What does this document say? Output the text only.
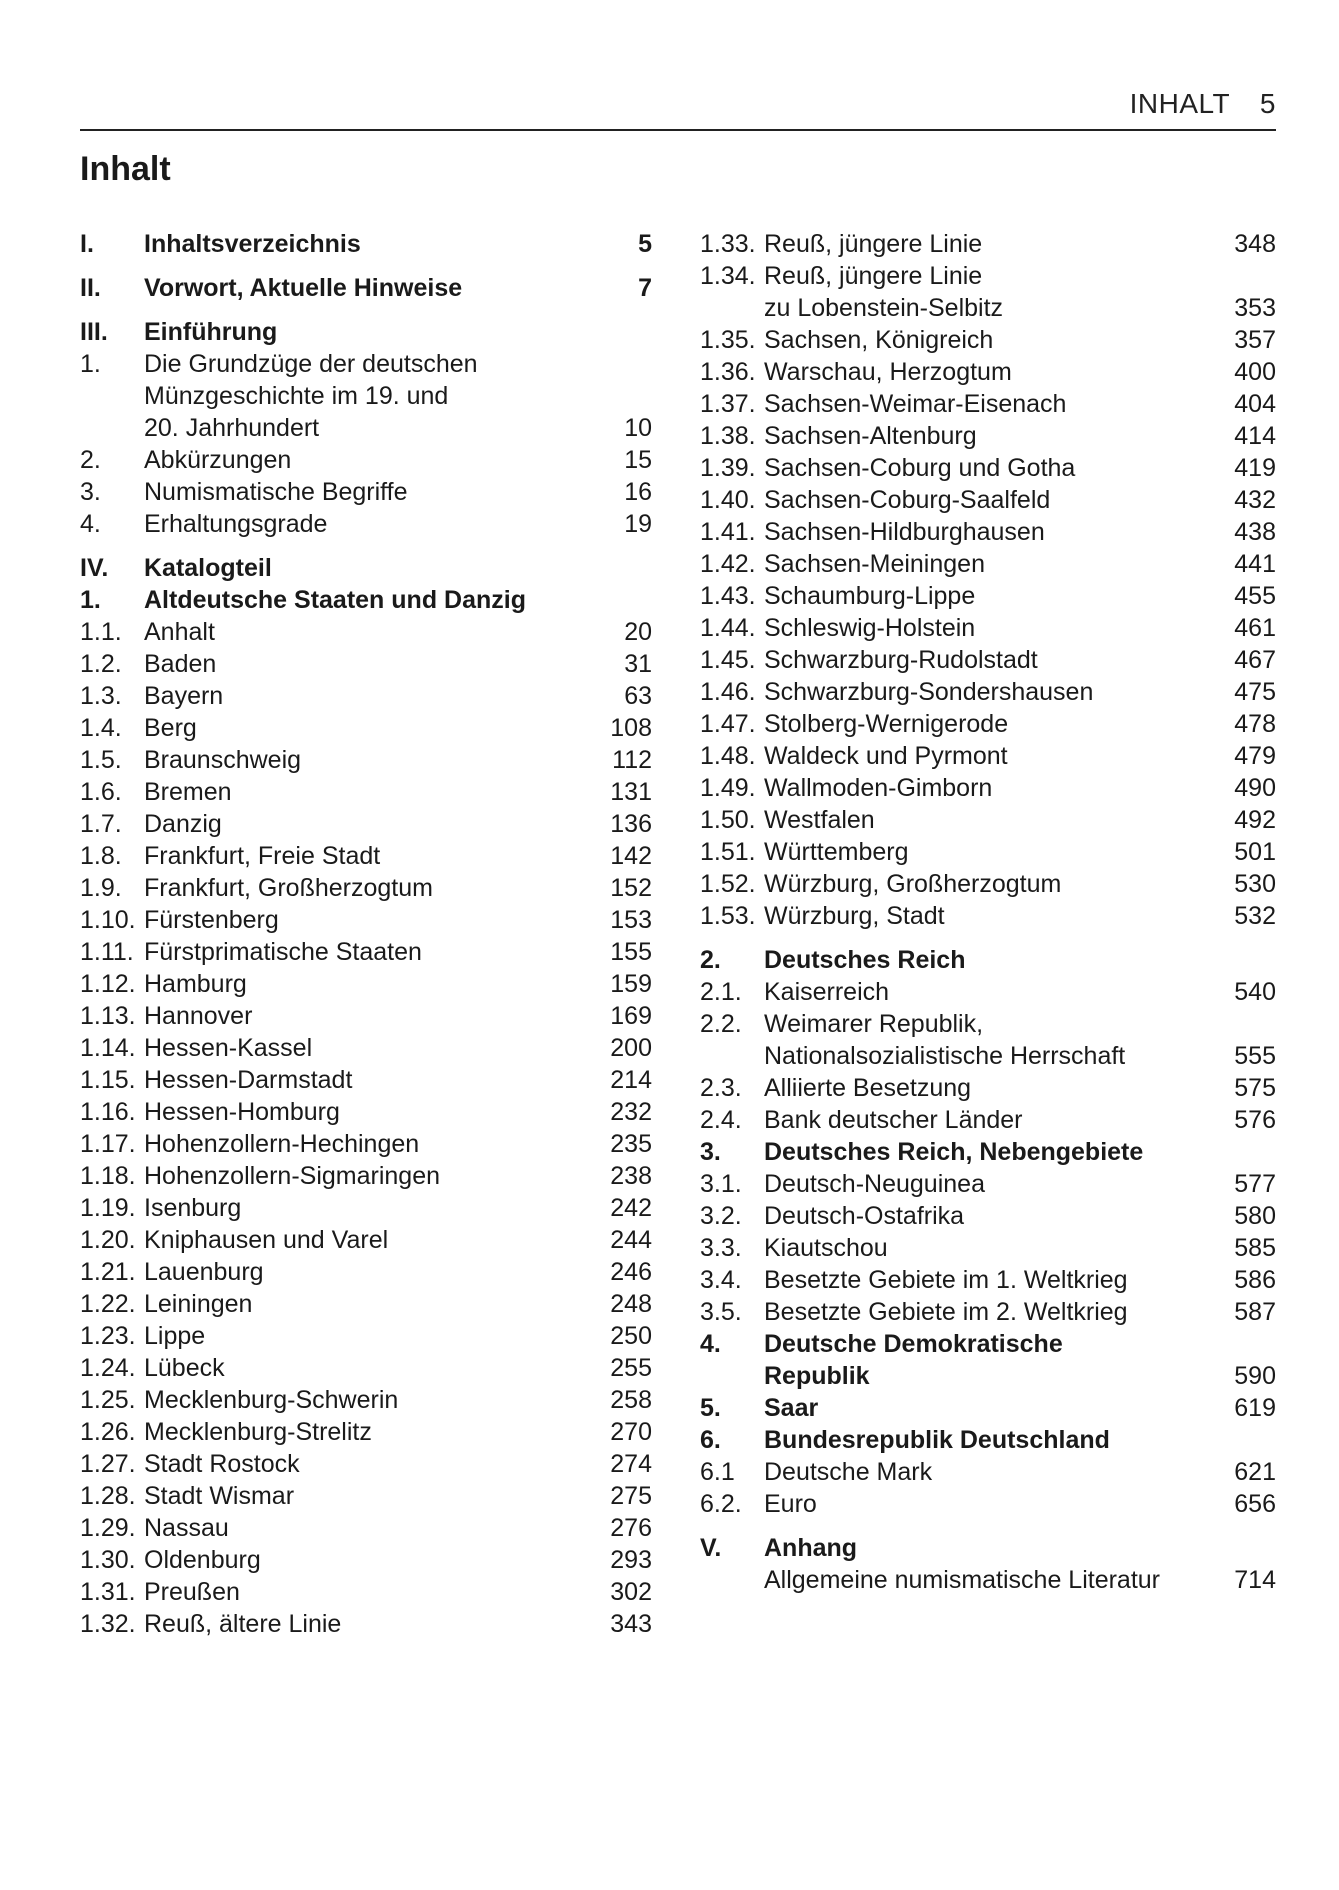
INHALT 5
Inhalt
I.	Inhaltsverzeichnis	5
II.	Vorwort, Aktuelle Hinweise	7
III.	Einführung
1.	Die Grundzüge der deutschen
Münzgeschichte im 19. und
20. Jahrhundert	10
2.	Abkürzungen	15
3.	Numismatische Begriffe	16
4.	Erhaltungsgrade	19
IV.	Katalogteil
1.	Altdeutsche Staaten und Danzig
1.1. Anhalt	20
1.2. Baden	31
1.3. Bayern	63
1.4. Berg	108
1.5. Braunschweig	112
1.6. Bremen	131
1.7. Danzig	136
1.8. Frankfurt, Freie Stadt	142
1.9. Frankfurt, Großherzogtum	152
1.10. Fürstenberg	153
1.11. Fürstprimatische Staaten	155
1.12. Hamburg	159
1.13. Hannover	169
1.14. Hessen-Kassel	200
1.15. Hessen-Darmstadt	214
1.16. Hessen-Homburg	232
1.17. Hohenzollern-Hechingen	235
1.18. Hohenzollern-Sigmaringen	238
1.19. Isenburg	242
1.20. Kniphausen und Varel	244
1.21. Lauenburg	246
1.22. Leiningen	248
1.23. Lippe	250
1.24. Lübeck	255
1.25. Mecklenburg-Schwerin	258
1.26. Mecklenburg-Strelitz	270
1.27. Stadt Rostock	274
1.28. Stadt Wismar	275
1.29. Nassau	276
1.30. Oldenburg	293
1.31. Preußen	302
1.32. Reuß, ältere Linie	343
1.33. Reuß, jüngere Linie	348
1.34. Reuß, jüngere Linie
zu Lobenstein-Selbitz	353
1.35. Sachsen, Königreich	357
1.36. Warschau, Herzogtum	400
1.37. Sachsen-Weimar-Eisenach	404
1.38. Sachsen-Altenburg	414
1.39. Sachsen-Coburg und Gotha	419
1.40. Sachsen-Coburg-Saalfeld	432
1.41. Sachsen-Hildburghausen	438
1.42. Sachsen-Meiningen	441
1.43. Schaumburg-Lippe	455
1.44. Schleswig-Holstein	461
1.45. Schwarzburg-Rudolstadt	467
1.46. Schwarzburg-Sondershausen	475
1.47. Stolberg-Wernigerode	478
1.48. Waldeck und Pyrmont	479
1.49. Wallmoden-Gimborn	490
1.50. Westfalen	492
1.51. Württemberg	501
1.52. Würzburg, Großherzogtum	530
1.53. Würzburg, Stadt	532
2.	Deutsches Reich
2.1. Kaiserreich	540
2.2. Weimarer Republik,
Nationalsozialistische Herrschaft	555
2.3. Alliierte Besetzung	575
2.4. Bank deutscher Länder	576
3.	Deutsches Reich, Nebengebiete
3.1. Deutsch-Neuguinea	577
3.2. Deutsch-Ostafrika	580
3.3. Kiautschou	585
3.4. Besetzte Gebiete im 1. Weltkrieg	586
3.5. Besetzte Gebiete im 2. Weltkrieg	587
4.	Deutsche Demokratische
Republik	590
5.	Saar	619
6.	Bundesrepublik Deutschland
6.1	Deutsche Mark	621
6.2. Euro	656
V.	Anhang
Allgemeine numismatische Literatur	714
